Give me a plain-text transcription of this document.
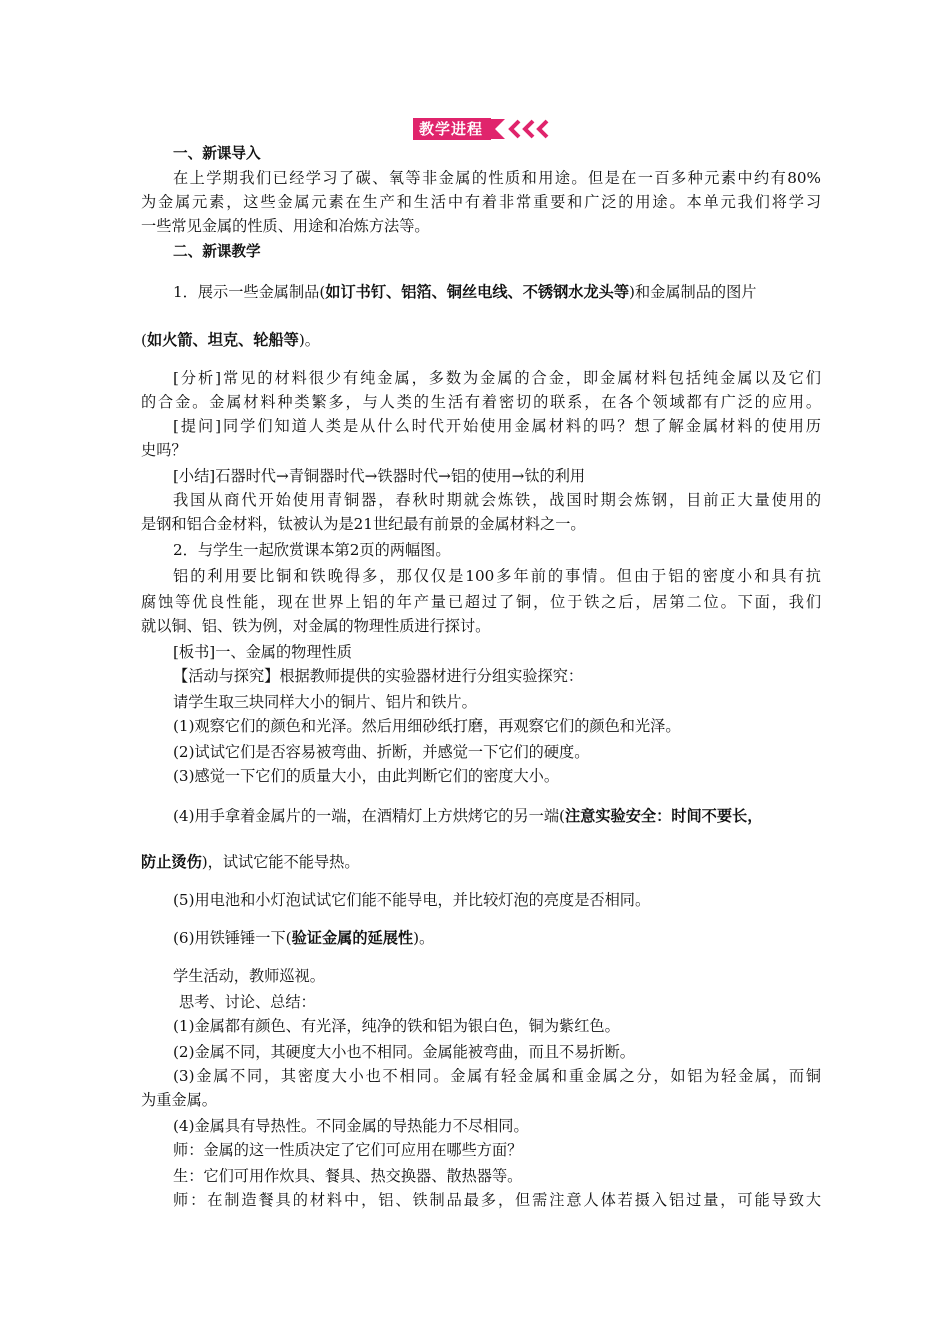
教学进程
一、新课导入
在上学期我们已经学习了碳、氧等非金属的性质和用途。但是在一百多种元素中约有80%
为金属元素，这些金属元素在生产和生活中有着非常重要和广泛的用途。本单元我们将学习
一些常见金属的性质、用途和冶炼方法等。
二、新课教学
1．展示一些金属制品(如订书钉、铝箔、铜丝电线、不锈钢水龙头等)和金属制品的图片
(如火箭、坦克、轮船等)。
[分析]常见的材料很少有纯金属，多数为金属的合金，即金属材料包括纯金属以及它们
的合金。金属材料种类繁多，与人类的生活有着密切的联系，在各个领域都有广泛的应用。
[提问]同学们知道人类是从什么时代开始使用金属材料的吗？想了解金属材料的使用历
史吗？
[小结]石器时代→青铜器时代→铁器时代→铝的使用→钛的利用
我国从商代开始使用青铜器，春秋时期就会炼铁，战国时期会炼钢，目前正大量使用的
是钢和铝合金材料，钛被认为是21世纪最有前景的金属材料之一。
2．与学生一起欣赏课本第2页的两幅图。
铝的利用要比铜和铁晚得多，那仅仅是100多年前的事情。但由于铝的密度小和具有抗
腐蚀等优良性能，现在世界上铝的年产量已超过了铜，位于铁之后，居第二位。下面，我们
就以铜、铝、铁为例，对金属的物理性质进行探讨。
[板书]一、金属的物理性质
【活动与探究】根据教师提供的实验器材进行分组实验探究：
请学生取三块同样大小的铜片、铝片和铁片。
(1)观察它们的颜色和光泽。然后用细砂纸打磨，再观察它们的颜色和光泽。
(2)试试它们是否容易被弯曲、折断，并感觉一下它们的硬度。
(3)感觉一下它们的质量大小，由此判断它们的密度大小。
(4)用手拿着金属片的一端，在酒精灯上方烘烤它的另一端(注意实验安全：时间不要长，
防止烫伤)，试试它能不能导热。
(5)用电池和小灯泡试试它们能不能导电，并比较灯泡的亮度是否相同。
(6)用铁锤锤一下(验证金属的延展性)。
学生活动，教师巡视。
思考、讨论、总结：
(1)金属都有颜色、有光泽，纯净的铁和铝为银白色，铜为紫红色。
(2)金属不同，其硬度大小也不相同。金属能被弯曲，而且不易折断。
(3)金属不同，其密度大小也不相同。金属有轻金属和重金属之分，如铝为轻金属，而铜
为重金属。
(4)金属具有导热性。不同金属的导热能力不尽相同。
师：金属的这一性质决定了它们可应用在哪些方面？
生：它们可用作炊具、餐具、热交换器、散热器等。
师：在制造餐具的材料中，铝、铁制品最多，但需注意人体若摄入铝过量，可能导致大
